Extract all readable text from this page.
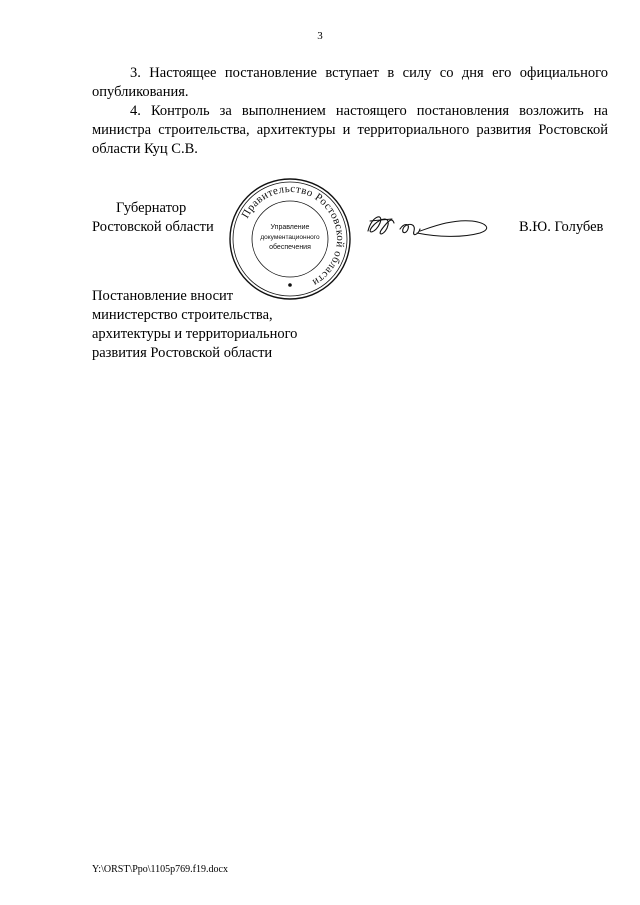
3
3. Настоящее постановление вступает в силу со дня его официального опубликования.
4. Контроль за выполнением настоящего постановления возложить на министра строительства, архитектуры и территориального развития Ростовской области Куц С.В.
Губернатор
Ростовской области
Правительство Ростовской области
Управление
документационного
обеспечения
В.Ю. Голубев
Постановление вносит
министерство строительства,
архитектуры и территориального
развития Ростовской области
Y:\ORST\Ppo\1105p769.f19.docx
